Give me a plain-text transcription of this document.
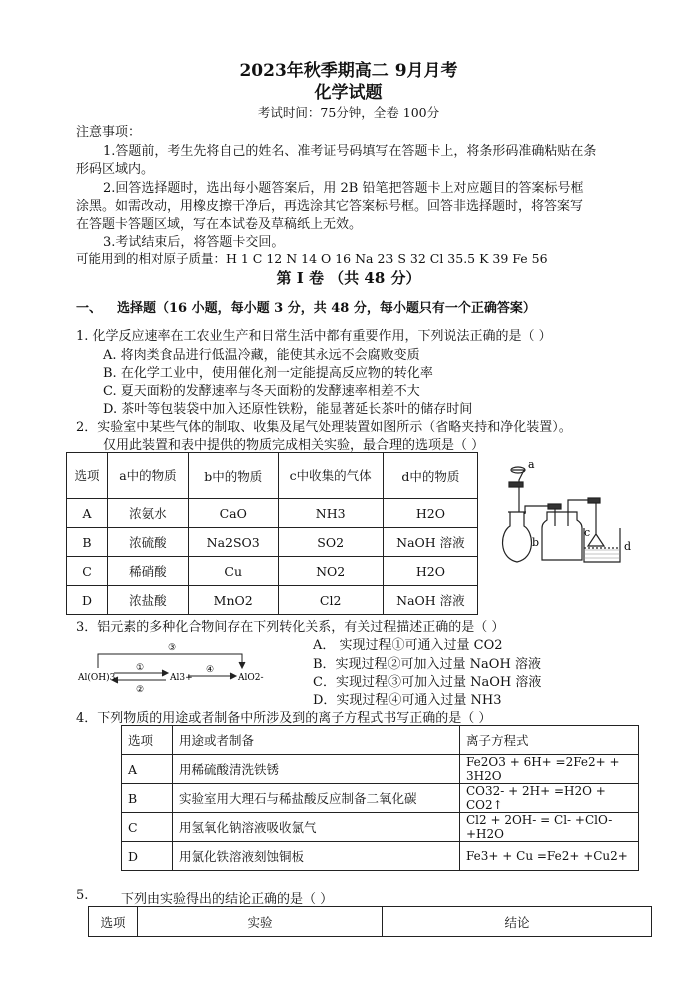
2023年秋季期高二 9月月考
化学试题
考试时间：75分钟，全卷 100分
注意事项：
1.答题前，考生先将自己的姓名、准考证号码填写在答题卡上，将条形码准确粘贴在条
形码区域内。
2.回答选择题时，选出每小题答案后，用 2B 铅笔把答题卡上对应题目的答案标号框
涂黑。如需改动，用橡皮擦干净后，再选涂其它答案标号框。回答非选择题时，将答案写
在答题卡答题区域，写在本试卷及草稿纸上无效。
3.考试结束后，将答题卡交回。
可能用到的相对原子质量：H 1 C 12 N 14 O 16 Na 23 S 32 Cl 35.5 K 39 Fe 56
第 I 卷 （共 48 分）
一、 选择题（16 小题，每小题 3 分，共 48 分，每小题只有一个正确答案）
1. 化学反应速率在工农业生产和日常生活中都有重要作用，下列说法正确的是（ ）
A. 将肉类食品进行低温冷藏，能使其永远不会腐败变质
B. 在化学工业中，使用催化剂一定能提高反应物的转化率
C. 夏天面粉的发酵速率与冬天面粉的发酵速率相差不大
D. 茶叶等包装袋中加入还原性铁粉，能显著延长茶叶的储存时间
2．实验室中某些气体的制取、收集及尾气处理装置如图所示（省略夹持和净化装置）。
仅用此装置和表中提供的物质完成相关实验，最合理的选项是（ ）
选项	a中的物质	b中的物质	c中收集的气体	d中的物质
A	浓氨水	CaO	NH3	H2O
B	浓硫酸	Na2SO3	SO2	NaOH 溶液
C	稀硝酸	Cu	NO2	H2O
D	浓盐酸	MnO2	Cl2	NaOH 溶液
a
b
c
d
3．铝元素的多种化合物间存在下列转化关系，有关过程描述正确的是（ ）
Al(OH)3	Al3+	AlO2-
①
②
③
④
A． 实现过程①可通入过量 CO2
B．实现过程②可加入过量 NaOH 溶液
C．实现过程③可加入过量 NaOH 溶液
D．实现过程④可通入过量 NH3
4．下列物质的用途或者制备中所涉及到的离子方程式书写正确的是（ ）
选项	用途或者制备	离子方程式
A	用稀硫酸清洗铁锈	Fe2O3 + 6H+ =2Fe2+ + 3H2O
B	实验室用大理石与稀盐酸反应制备二氧化碳	CO32- + 2H+ =H2O + CO2↑
C	用氢氧化钠溶液吸收氯气	Cl2 + 2OH- = Cl- +ClO- +H2O
D	用氯化铁溶液刻蚀铜板	Fe3+ + Cu =Fe2+ +Cu2+
5.	下列由实验得出的结论正确的是（ ）
选项	实验	结论
